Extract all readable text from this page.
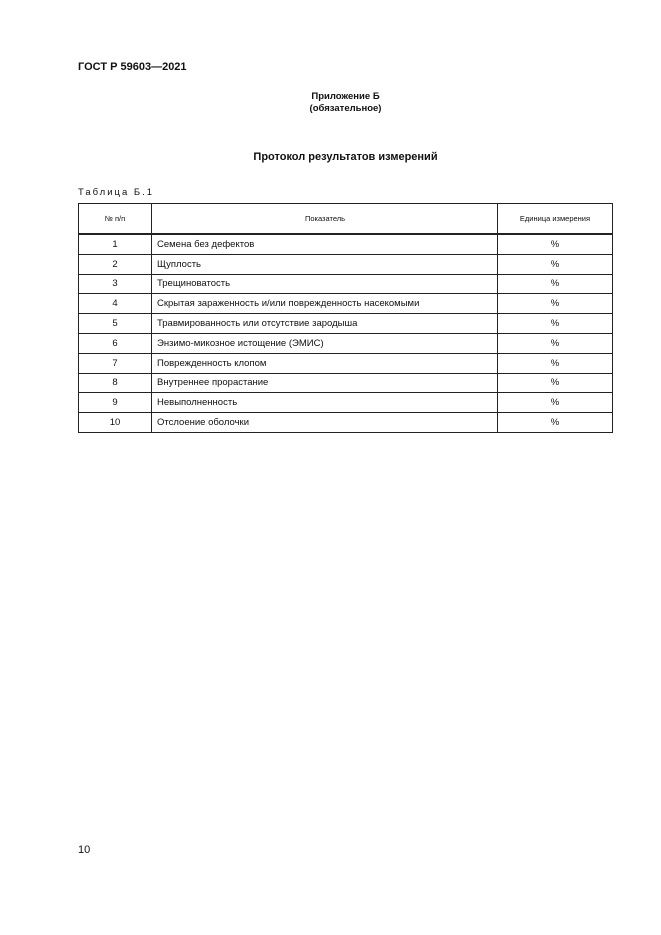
ГОСТ Р 59603—2021
Приложение Б
(обязательное)
Протокол результатов измерений
Таблица Б.1
№ п/п	Показатель	Единица измерения
1	Семена без дефектов	%
2	Щуплость	%
3	Трещиноватость	%
4	Скрытая зараженность и/или поврежденность насекомыми	%
5	Травмированность или отсутствие зародыша	%
6	Энзимо-микозное истощение (ЭМИС)	%
7	Поврежденность клопом	%
8	Внутреннее прорастание	%
9	Невыполненность	%
10	Отслоение оболочки	%
10
